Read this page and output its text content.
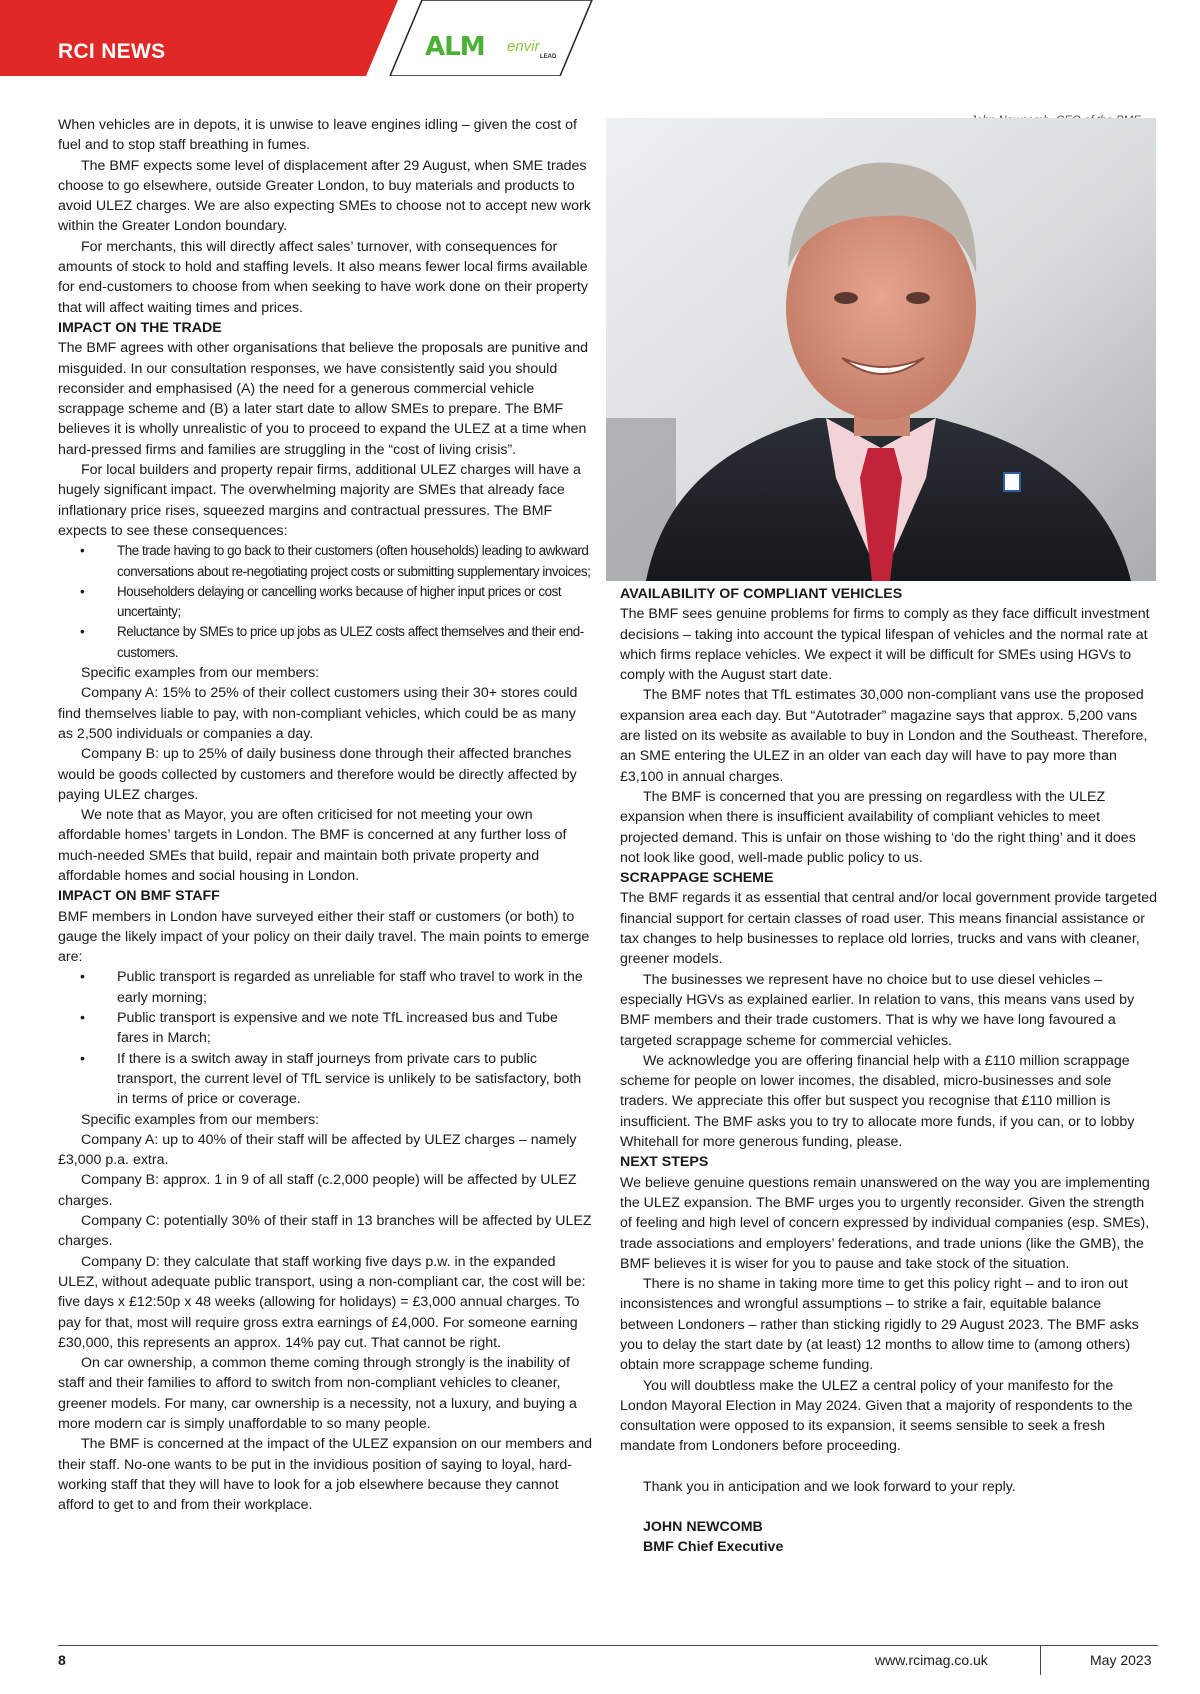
RCI NEWS	ALM envir
LEAD

When vehicles are in depots, it is unwise to leave engines idling – given the cost of fuel and to stop staff breathing in fumes.

The BMF expects some level of displacement after 29 August, when SME trades choose to go elsewhere, outside Greater London, to buy materials and products to avoid ULEZ charges. We are also expecting SMEs to choose not to accept new work within the Greater London boundary.

For merchants, this will directly affect sales’ turnover, with consequences for amounts of stock to hold and staffing levels. It also means fewer local firms available for end-customers to choose from when seeking to have work done on their property that will affect waiting times and prices.

IMPACT ON THE TRADE

The BMF agrees with other organisations that believe the proposals are punitive and misguided. In our consultation responses, we have consistently said you should reconsider and emphasised (A) the need for a generous commercial vehicle scrappage scheme and (B) a later start date to allow SMEs to prepare. The BMF believes it is wholly unrealistic of you to proceed to expand the ULEZ at a time when hard-pressed firms and families are struggling in the “cost of living crisis”.

For local builders and property repair firms, additional ULEZ charges will have a hugely significant impact. The overwhelming majority are SMEs that already face inflationary price rises, squeezed margins and contractual pressures. The BMF expects to see these consequences:

• The trade having to go back to their customers (often households) leading to awkward conversations about re-negotiating project costs or submitting supplementary invoices;
• Householders delaying or cancelling works because of higher input prices or cost uncertainty;
• Reluctance by SMEs to price up jobs as ULEZ costs affect themselves and their end-customers.

Specific examples from our members:

Company A: 15% to 25% of their collect customers using their 30+ stores could find themselves liable to pay, with non-compliant vehicles, which could be as many as 2,500 individuals or companies a day.

Company B: up to 25% of daily business done through their affected branches would be goods collected by customers and therefore would be directly affected by paying ULEZ charges.

We note that as Mayor, you are often criticised for not meeting your own affordable homes’ targets in London. The BMF is concerned at any further loss of much-needed SMEs that build, repair and maintain both private property and affordable homes and social housing in London.

IMPACT ON BMF STAFF

BMF members in London have surveyed either their staff or customers (or both) to gauge the likely impact of your policy on their daily travel. The main points to emerge are:

• Public transport is regarded as unreliable for staff who travel to work in the early morning;
• Public transport is expensive and we note TfL increased bus and Tube fares in March;
• If there is a switch away in staff journeys from private cars to public transport, the current level of TfL service is unlikely to be satisfactory, both in terms of price or coverage.

Specific examples from our members:

Company A: up to 40% of their staff will be affected by ULEZ charges – namely £3,000 p.a. extra.

Company B: approx. 1 in 9 of all staff (c.2,000 people) will be affected by ULEZ charges.

Company C: potentially 30% of their staff in 13 branches will be affected by ULEZ charges.

Company D: they calculate that staff working five days p.w. in the expanded ULEZ, without adequate public transport, using a non-compliant car, the cost will be: five days x £12:50p x 48 weeks (allowing for holidays) = £3,000 annual charges. To pay for that, most will require gross extra earnings of £4,000. For someone earning £30,000, this represents an approx. 14% pay cut. That cannot be right.

On car ownership, a common theme coming through strongly is the inability of staff and their families to afford to switch from non-compliant vehicles to cleaner, greener models. For many, car ownership is a necessity, not a luxury, and buying a more modern car is simply unaffordable to so many people.

The BMF is concerned at the impact of the ULEZ expansion on our members and their staff. No-one wants to be put in the invidious position of saying to loyal, hard-working staff that they will have to look for a job elsewhere because they cannot afford to get to and from their workplace.

AVAILABILITY OF COMPLIANT VEHICLES

The BMF sees genuine problems for firms to comply as they face difficult investment decisions – taking into account the typical lifespan of vehicles and the normal rate at which firms replace vehicles. We expect it will be difficult for SMEs using HGVs to comply with the August start date.

The BMF notes that TfL estimates 30,000 non-compliant vans use the proposed expansion area each day. But “Autotrader” magazine says that approx. 5,200 vans are listed on its website as available to buy in London and the Southeast. Therefore, an SME entering the ULEZ in an older van each day will have to pay more than £3,100 in annual charges.

The BMF is concerned that you are pressing on regardless with the ULEZ expansion when there is insufficient availability of compliant vehicles to meet projected demand. This is unfair on those wishing to ‘do the right thing’ and it does not look like good, well-made public policy to us.

SCRAPPAGE SCHEME

The BMF regards it as essential that central and/or local government provide targeted financial support for certain classes of road user. This means financial assistance or tax changes to help businesses to replace old lorries, trucks and vans with cleaner, greener models.

The businesses we represent have no choice but to use diesel vehicles – especially HGVs as explained earlier. In relation to vans, this means vans used by BMF members and their trade customers. That is why we have long favoured a targeted scrappage scheme for commercial vehicles.

We acknowledge you are offering financial help with a £110 million scrappage scheme for people on lower incomes, the disabled, micro-businesses and sole traders. We appreciate this offer but suspect you recognise that £110 million is insufficient. The BMF asks you to try to allocate more funds, if you can, or to lobby Whitehall for more generous funding, please.

NEXT STEPS

We believe genuine questions remain unanswered on the way you are implementing the ULEZ expansion. The BMF urges you to urgently reconsider. Given the strength of feeling and high level of concern expressed by individual companies (esp. SMEs), trade associations and employers’ federations, and trade unions (like the GMB), the BMF believes it is wiser for you to pause and take stock of the situation.

There is no shame in taking more time to get this policy right – and to iron out inconsistences and wrongful assumptions – to strike a fair, equitable balance between Londoners – rather than sticking rigidly to 29 August 2023. The BMF asks you to delay the start date by (at least) 12 months to allow time to (among others) obtain more scrappage scheme funding.

You will doubtless make the ULEZ a central policy of your manifesto for the London Mayoral Election in May 2024. Given that a majority of respondents to the consultation were opposed to its expansion, it seems sensible to seek a fresh mandate from Londoners before proceeding.

Thank you in anticipation and we look forward to your reply.

JOHN NEWCOMB

BMF Chief Executive

8	www.rcimag.co.uk	May 2023
